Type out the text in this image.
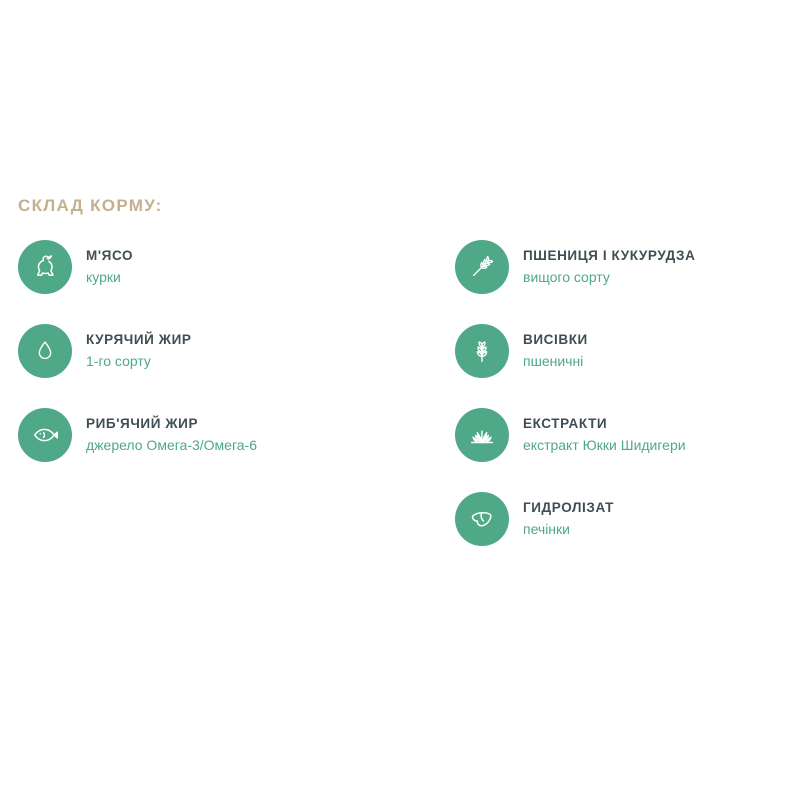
СКЛАД КОРМУ:
М'ЯСО
курки
КУРЯЧИЙ ЖИР
1-го сорту
РИБ'ЯЧИЙ ЖИР
джерело Омега-3/Омега-6
ПШЕНИЦЯ І КУКУРУДЗА
вищого сорту
ВИСІВКИ
пшеничні
ЕКСТРАКТИ
екстракт Юкки Шидигери
ГИДРОЛІЗАТ
печінки
